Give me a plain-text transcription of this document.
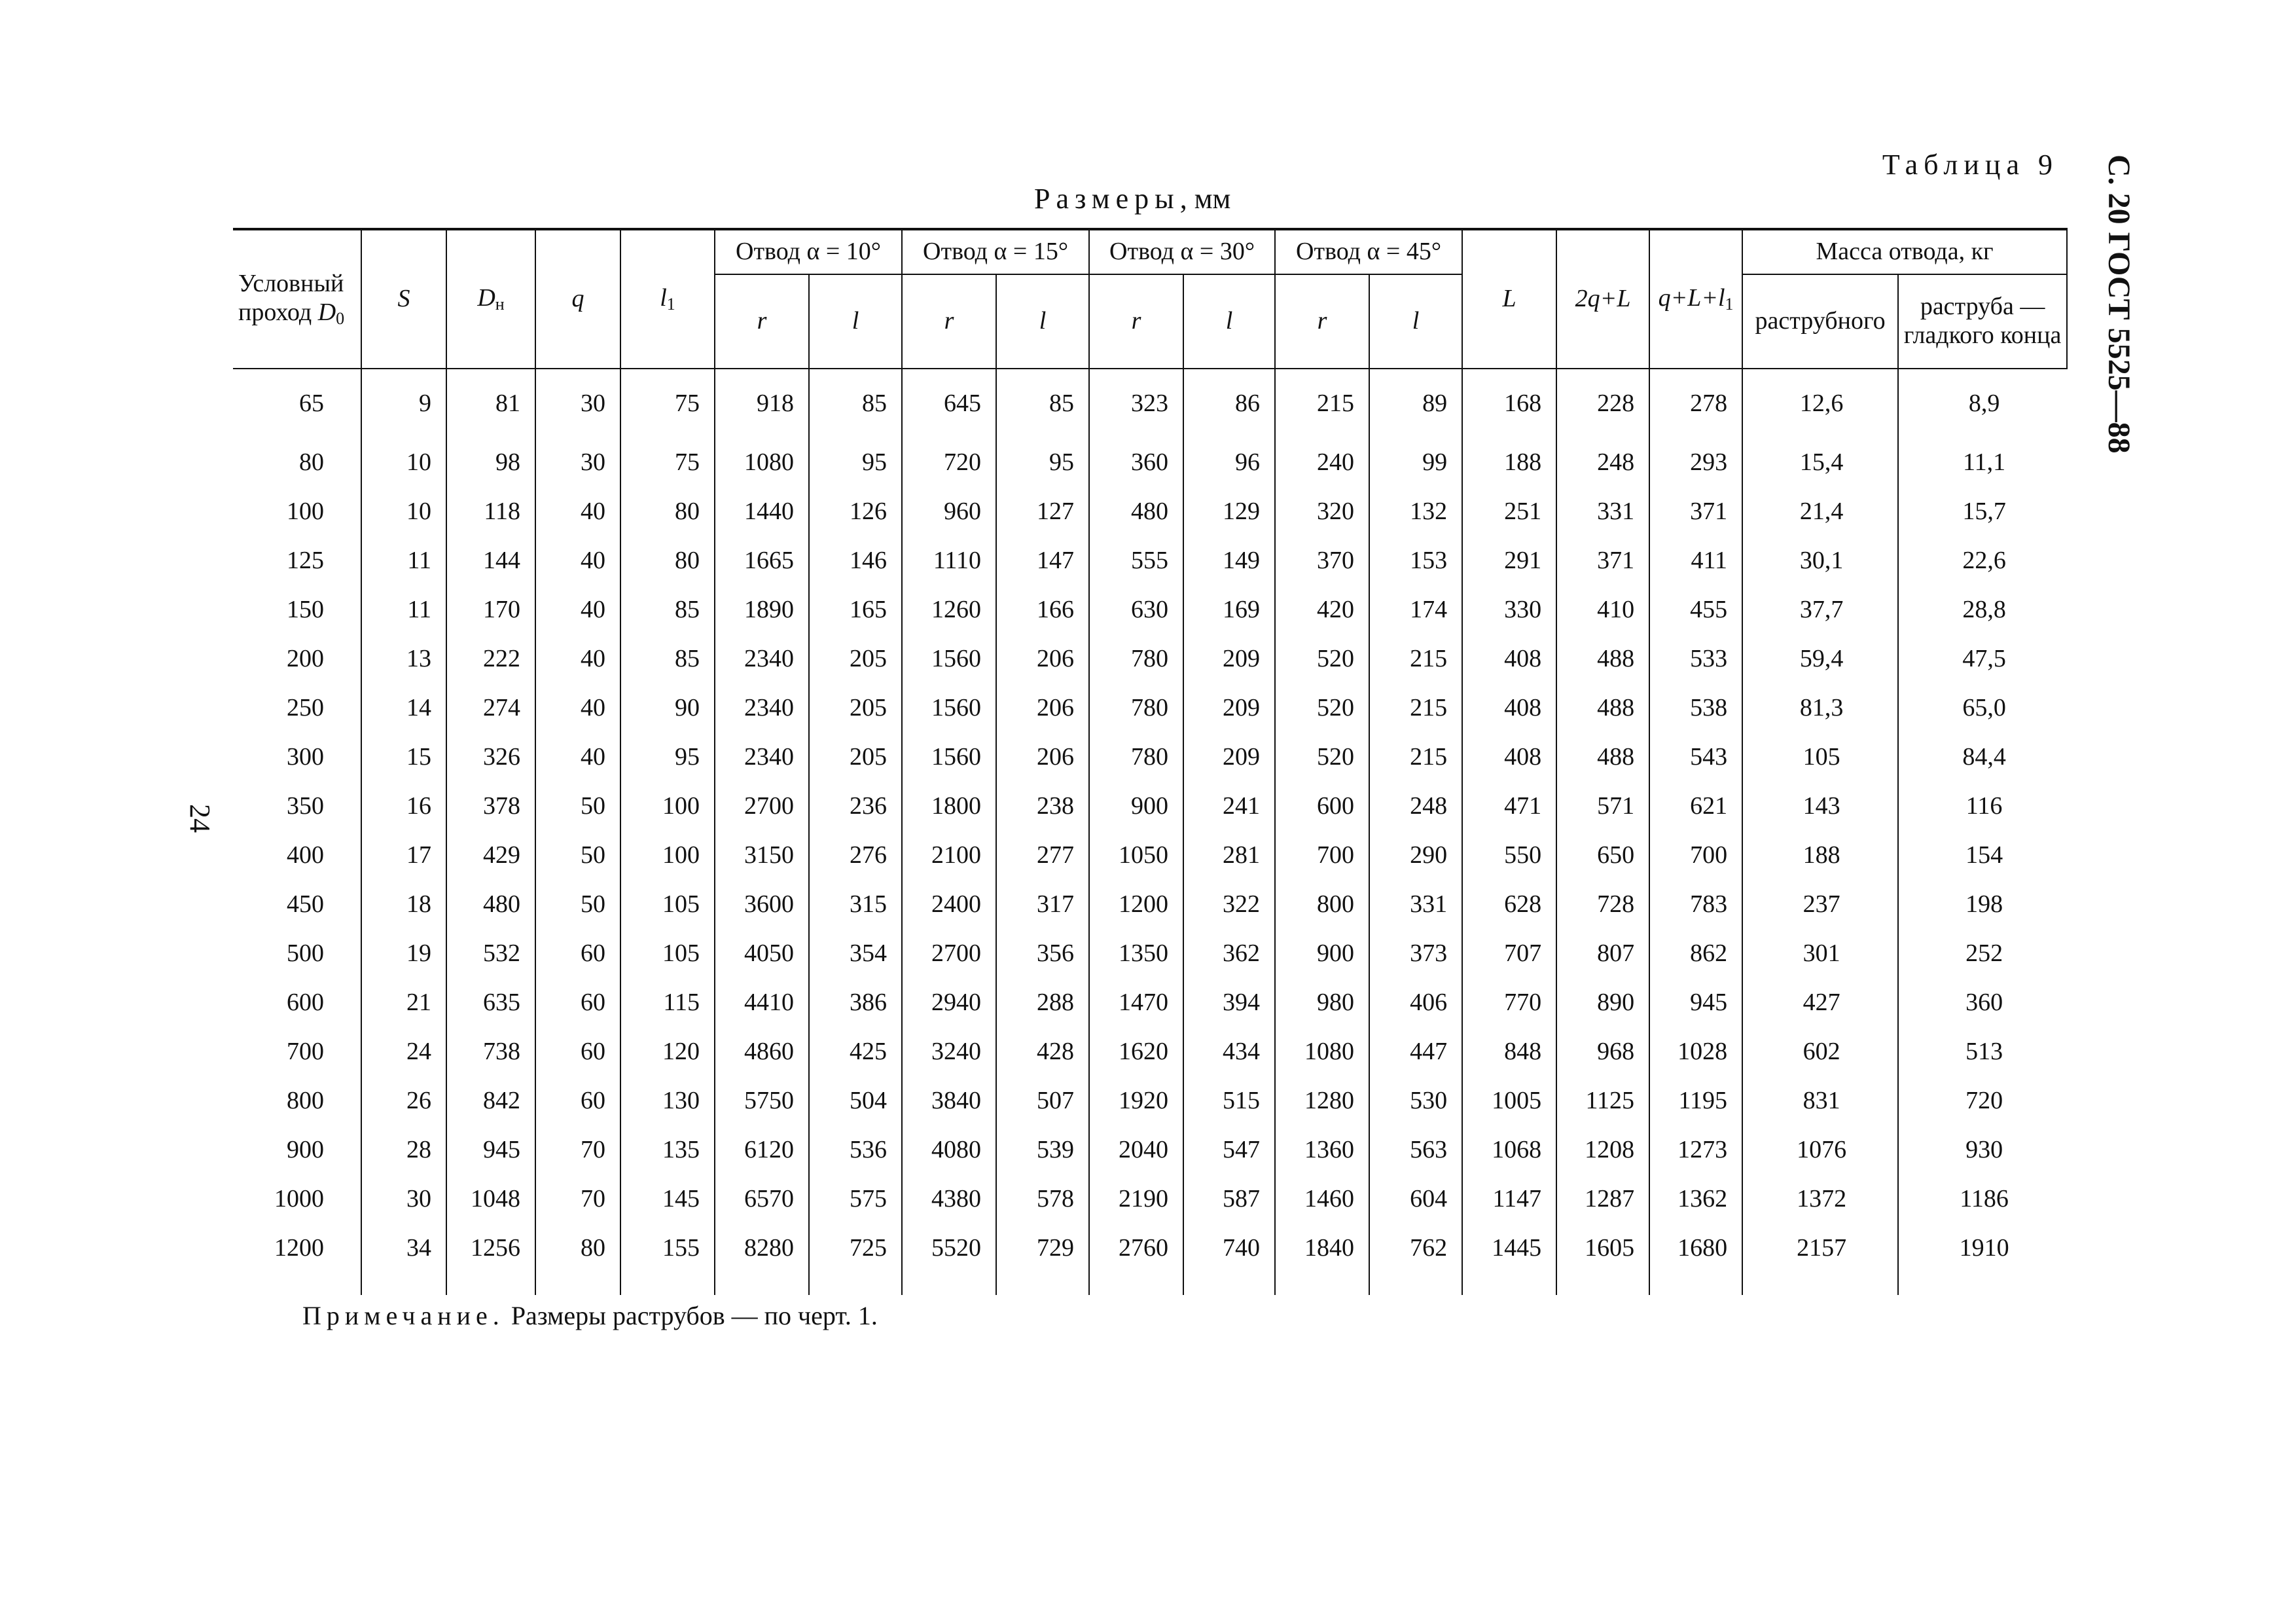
Таблица 9
Размеры, мм	С. 20 ГОСТ 5525—88
24
Условный
проход $D_0$	S	$D_н$	q	$l_1$	Отвод α = 10°		Отвод α = 15°		Отвод α = 30°		Отвод α = 45°		L	2q+L	$q+L+l_1$	Масса отвода, кг	
					r	l	r	l	r	l	r	l				раструбного	раструба — гладкого конца
65	9	81	30	75	918	85	645	85	323	86	215	89	168	228	278	12,6	8,9
80	10	98	30	75	1080	95	720	95	360	96	240	99	188	248	293	15,4	11,1
100	10	118	40	80	1440	126	960	127	480	129	320	132	251	331	371	21,4	15,7
125	11	144	40	80	1665	146	1110	147	555	149	370	153	291	371	411	30,1	22,6
150	11	170	40	85	1890	165	1260	166	630	169	420	174	330	410	455	37,7	28,8
200	13	222	40	85	2340	205	1560	206	780	209	520	215	408	488	533	59,4	47,5
250	14	274	40	90	2340	205	1560	206	780	209	520	215	408	488	538	81,3	65,0
300	15	326	40	95	2340	205	1560	206	780	209	520	215	408	488	543	105	84,4
350	16	378	50	100	2700	236	1800	238	900	241	600	248	471	571	621	143	116
400	17	429	50	100	3150	276	2100	277	1050	281	700	290	550	650	700	188	154
450	18	480	50	105	3600	315	2400	317	1200	322	800	331	628	728	783	237	198
500	19	532	60	105	4050	354	2700	356	1350	362	900	373	707	807	862	301	252
600	21	635	60	115	4410	386	2940	288	1470	394	980	406	770	890	945	427	360
700	24	738	60	120	4860	425	3240	428	1620	434	1080	447	848	968	1028	602	513
800	26	842	60	130	5750	504	3840	507	1920	515	1280	530	1005	1125	1195	831	720
900	28	945	70	135	6120	536	4080	539	2040	547	1360	563	1068	1208	1273	1076	930
1000	30	1048	70	145	6570	575	4380	578	2190	587	1460	604	1147	1287	1362	1372	1186
1200	34	1256	80	155	8280	725	5520	729	2760	740	1840	762	1445	1605	1680	2157	1910
Примечание. Размеры раструбов — по черт. 1.
